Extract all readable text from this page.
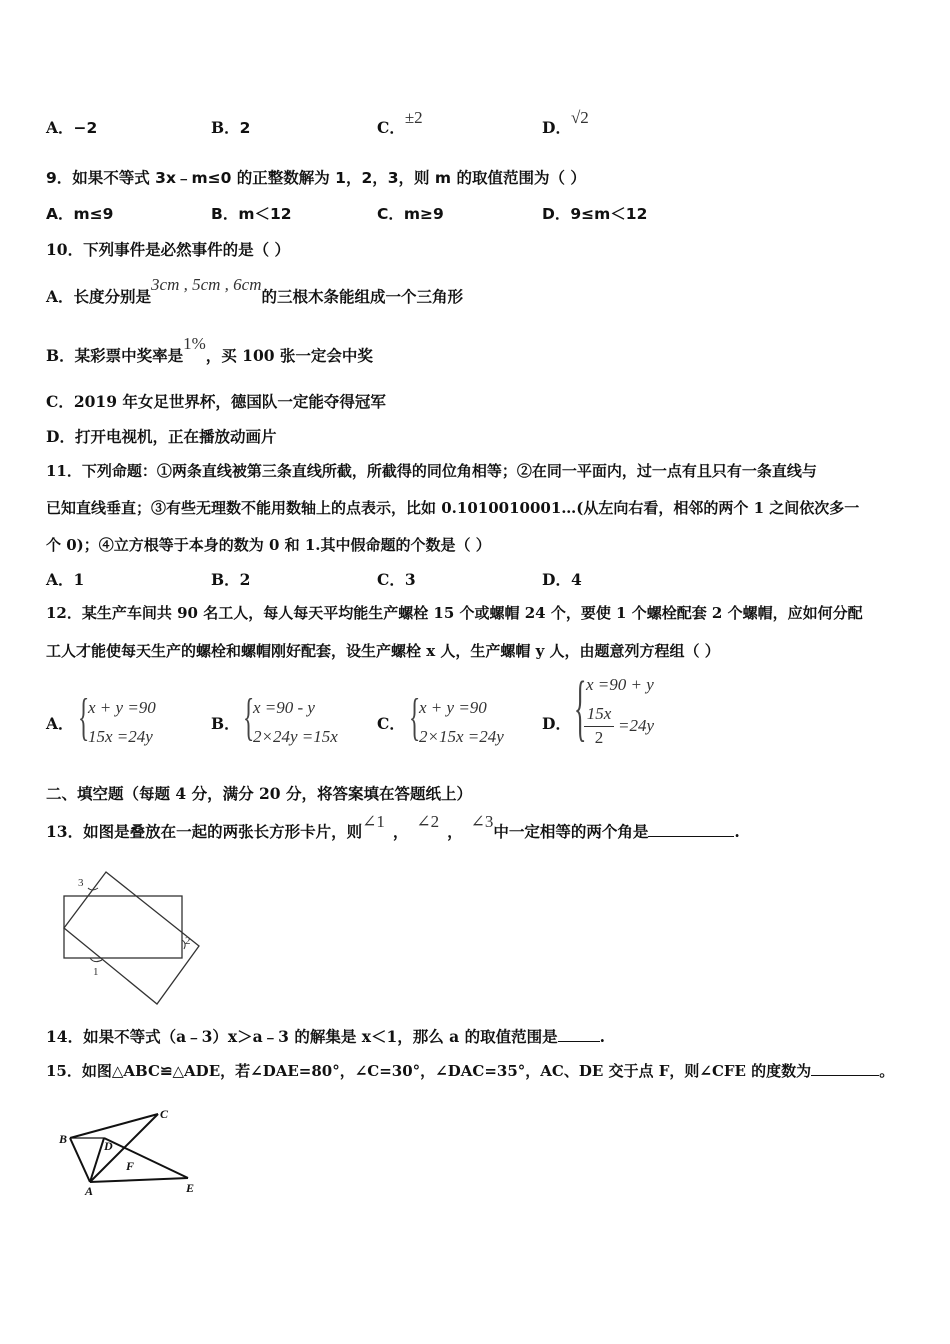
A．−2	B．2	C．±2
D．√2
9．如果不等式 3x﹣m≤0 的正整数解为 1，2，3，则 m 的取值范围为（ ）
A．m≤9	B．m＜12	C．m≥9	D．9≤m＜12
10．下列事件是必然事件的是（ ）
A．长度分别是3cm , 5cm , 6cm的三根木条能组成一个三角形
B．某彩票中奖率是1%，买 100 张一定会中奖
C．2019 年女足世界杯，德国队一定能夺得冠军
D．打开电视机，正在播放动画片
11．下列命题：①两条直线被第三条直线所截，所截得的同位角相等；②在同一平面内，过一点有且只有一条直线与
已知直线垂直；③有些无理数不能用数轴上的点表示，比如 0.1010010001…(从左向右看，相邻的两个 1 之间依次多一
个 0)；④立方根等于本身的数为 0 和 1.其中假命题的个数是（ ）
A．1	B．2	C．3	D．4
12．某生产车间共 90 名工人，每人每天平均能生产螺栓 15 个或螺帽 24 个，要使 1 个螺栓配套 2 个螺帽，应如何分配
工人才能使每天生产的螺栓和螺帽刚好配套，设生产螺栓 x 人，生产螺帽 y 人，由题意列方程组（ ）
A． {
x + y =90
15x =24y
B． {
x =90 - y
2×24y =15x
C． {
x + y =90
2×15x =24y
D． { x =90 + y
15x
2
=24y
二、填空题（每题 4 分，满分 20 分，将答案填在答题纸上）
13．如图是叠放在一起的两张长方形卡片，则∠1，∠2，∠3中一定相等的两个角是	.
3
2
1
14．如果不等式（a﹣3）x＞a﹣3 的解集是 x＜1，那么 a 的取值范围是	.
15．如图△ABC≌△ADE，若∠DAE=80°，∠C=30°，∠DAC=35°，AC、DE 交于点 F，则∠CFE 的度数为	。
A
B
C
D
E
F
